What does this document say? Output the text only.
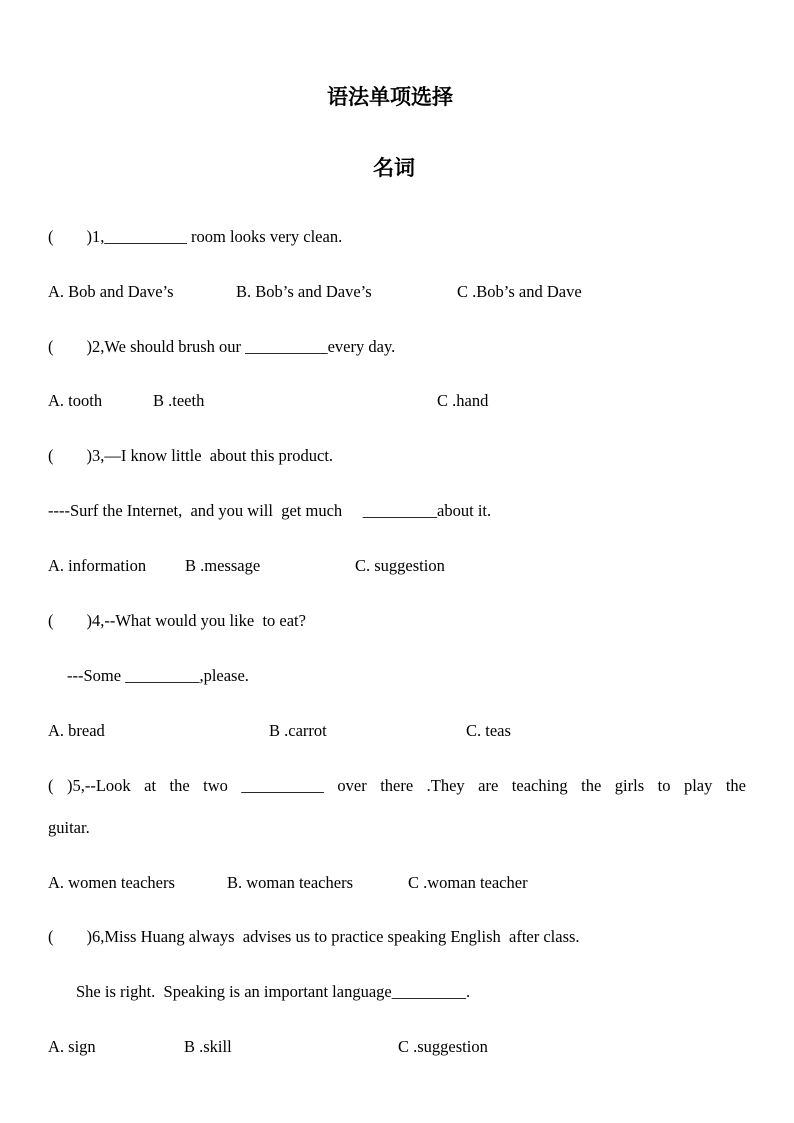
语法单项选择
名词
(        )1,__________ room looks very clean.
A. Bob and Dave’s	B. Bob’s and Dave’s	C .Bob’s and Dave
(        )2,We should brush our __________every day.
A. tooth	B .teeth	C .hand
(        )3,—I know little  about this product.
----Surf the Internet,  and you will  get much     _________about it.
A. information B .message	C. suggestion
(        )4,--What would you like  to eat?
---Some _________,please.
A. bread	B .carrot	C. teas
( )5,--Look at the two __________ over there .They are teaching the girls to play the
guitar.
A. women teachers	B. woman teachers	C .woman teacher
(        )6,Miss Huang always  advises us to practice speaking English  after class.
She is right.  Speaking is an important language_________.
A. sign	B .skill	C .suggestion
